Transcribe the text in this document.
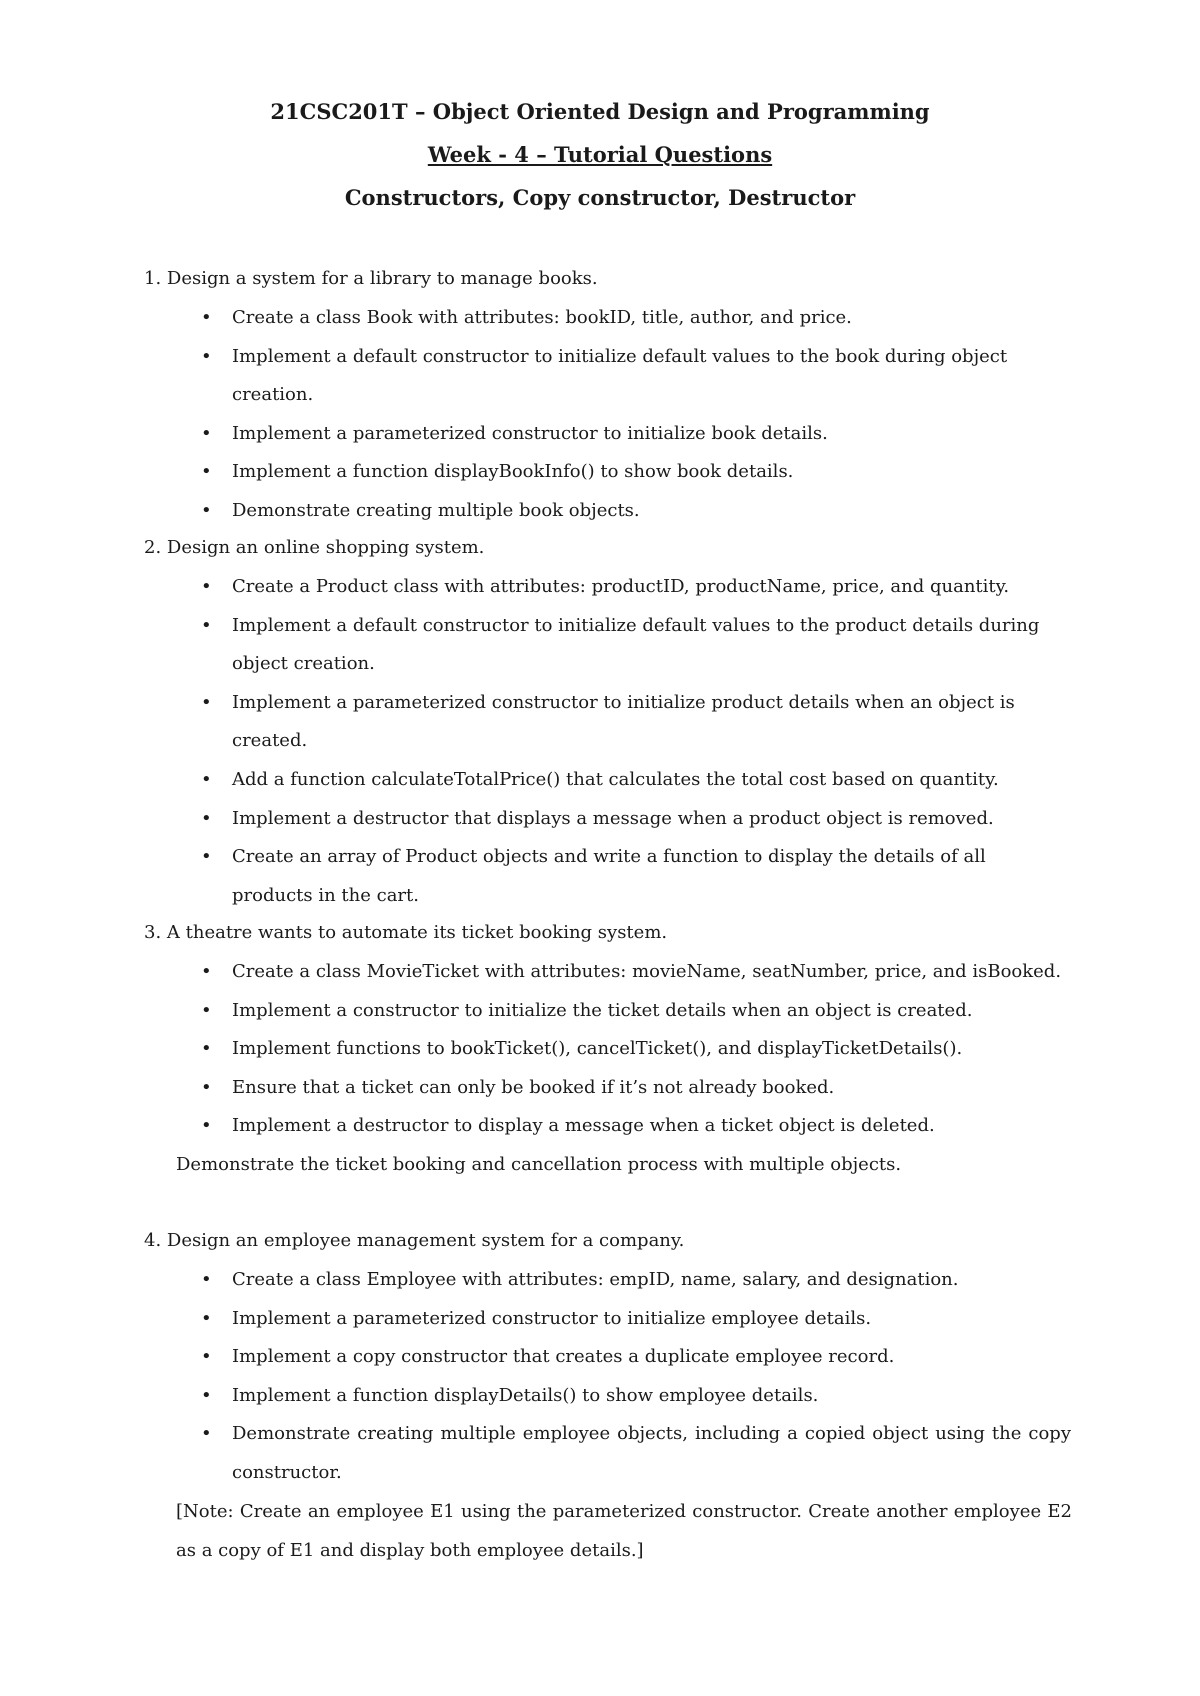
21CSC201T – Object Oriented Design and Programming
Week - 4 – Tutorial Questions
Constructors, Copy constructor, Destructor

1. Design a system for a library to manage books.

• Create a class Book with attributes: bookID, title, author, and price.
• Implement a default constructor to initialize default values to the book during object creation.
• Implement a parameterized constructor to initialize book details.
• Implement a function displayBookInfo() to show book details.
• Demonstrate creating multiple book objects.

2. Design an online shopping system.

• Create a Product class with attributes: productID, productName, price, and quantity.
• Implement a default constructor to initialize default values to the product details during object creation.
• Implement a parameterized constructor to initialize product details when an object is created.
• Add a function calculateTotalPrice() that calculates the total cost based on quantity.
• Implement a destructor that displays a message when a product object is removed.
• Create an array of Product objects and write a function to display the details of all products in the cart.

3. A theatre wants to automate its ticket booking system.

• Create a class MovieTicket with attributes: movieName, seatNumber, price, and isBooked.
• Implement a constructor to initialize the ticket details when an object is created.
• Implement functions to bookTicket(), cancelTicket(), and displayTicketDetails().
• Ensure that a ticket can only be booked if it’s not already booked.
• Implement a destructor to display a message when a ticket object is deleted.

Demonstrate the ticket booking and cancellation process with multiple objects.

4. Design an employee management system for a company.

• Create a class Employee with attributes: empID, name, salary, and designation.
• Implement a parameterized constructor to initialize employee details.
• Implement a copy constructor that creates a duplicate employee record.
• Implement a function displayDetails() to show employee details.
• Demonstrate creating multiple employee objects, including a copied object using the copy constructor.

[Note: Create an employee E1 using the parameterized constructor. Create another employee E2 as a copy of E1 and display both employee details.]
